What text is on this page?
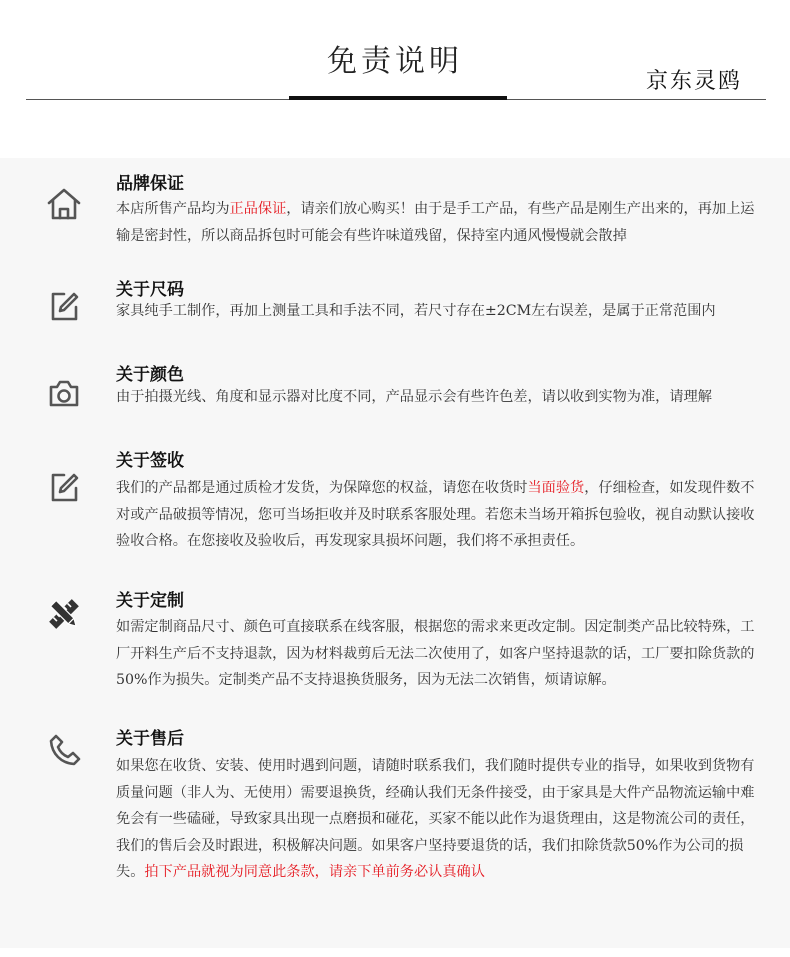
免责说明
京东灵鸥
品牌保证
本店所售产品均为正品保证，请亲们放心购买！由于是手工产品，有些产品是刚生产出来的，再加上运输是密封性，所以商品拆包时可能会有些许味道残留，保持室内通风慢慢就会散掉
关于尺码
家具纯手工制作，再加上测量工具和手法不同，若尺寸存在±2CM左右误差，是属于正常范围内
关于颜色
由于拍摄光线、角度和显示器对比度不同，产品显示会有些许色差，请以收到实物为准，请理解
关于签收
我们的产品都是通过质检才发货，为保障您的权益，请您在收货时当面验货，仔细检查，如发现件数不对或产品破损等情况，您可当场拒收并及时联系客服处理。若您未当场开箱拆包验收，视自动默认接收验收合格。在您接收及验收后，再发现家具损坏问题，我们将不承担责任。
关于定制
如需定制商品尺寸、颜色可直接联系在线客服，根据您的需求来更改定制。因定制类产品比较特殊，工厂开料生产后不支持退款，因为材料裁剪后无法二次使用了，如客户坚持退款的话，工厂要扣除货款的50%作为损失。定制类产品不支持退换货服务，因为无法二次销售，烦请谅解。
关于售后
如果您在收货、安装、使用时遇到问题，请随时联系我们，我们随时提供专业的指导，如果收到货物有质量问题（非人为、无使用）需要退换货，经确认我们无条件接受，由于家具是大件产品物流运输中难免会有一些磕碰，导致家具出现一点磨损和碰花，买家不能以此作为退货理由，这是物流公司的责任，我们的售后会及时跟进，积极解决问题。如果客户坚持要退货的话，我们扣除货款50%作为公司的损失。拍下产品就视为同意此条款，请亲下单前务必认真确认
